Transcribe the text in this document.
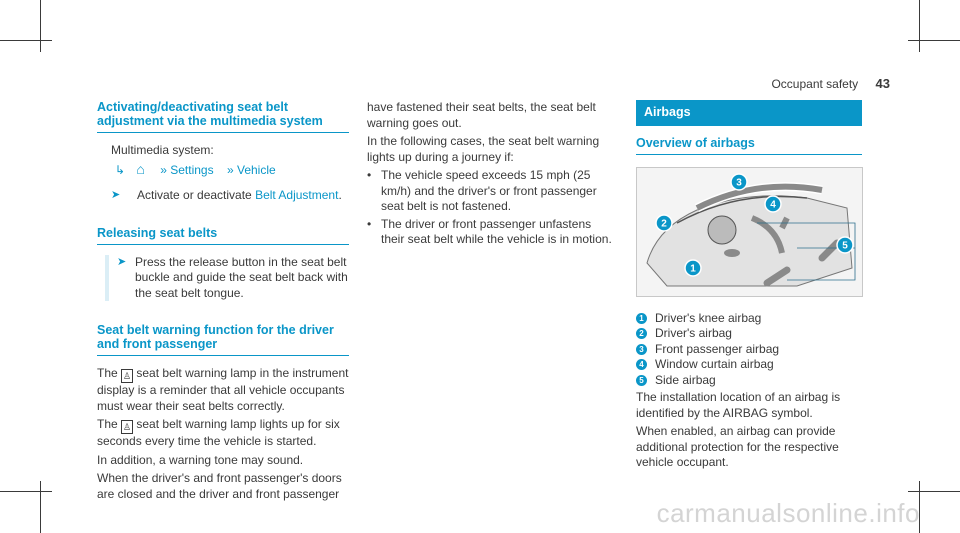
Occupant safety 43
Activating/deactivating seat belt adjustment via the multimedia system

Multimedia system:

↳ ⌂ » Settings » Vehicle

➤	Activate or deactivate Belt Adjustment.
Releasing seat belts
➤ Press the release button in the seat belt buckle and guide the seat belt back with the seat belt tongue.
Seat belt warning function for the driver and front passenger

The ♙ seat belt warning lamp in the instrument display is a reminder that all vehicle occupants must wear their seat belts correctly.

The ♙ seat belt warning lamp lights up for six seconds every time the vehicle is started.

In addition, a warning tone may sound.

When the driver's and front passenger's doors are closed and the driver and front passenger

have fastened their seat belts, the seat belt warning goes out.

In the following cases, the seat belt warning lights up during a journey if:

• The vehicle speed exceeds 15 mph (25 km/h) and the driver's or front passenger seat belt is not fastened.
• The driver or front passenger unfastens their seat belt while the vehicle is in motion.
Airbags
Overview of airbags
1
2
3
4
5
1 Driver's knee airbag
2 Driver's airbag
3 Front passenger airbag
4 Window curtain airbag
5 Side airbag

The installation location of an airbag is identified by the AIRBAG symbol.

When enabled, an airbag can provide additional protection for the respective vehicle occupant.

carmanualsonline.info
